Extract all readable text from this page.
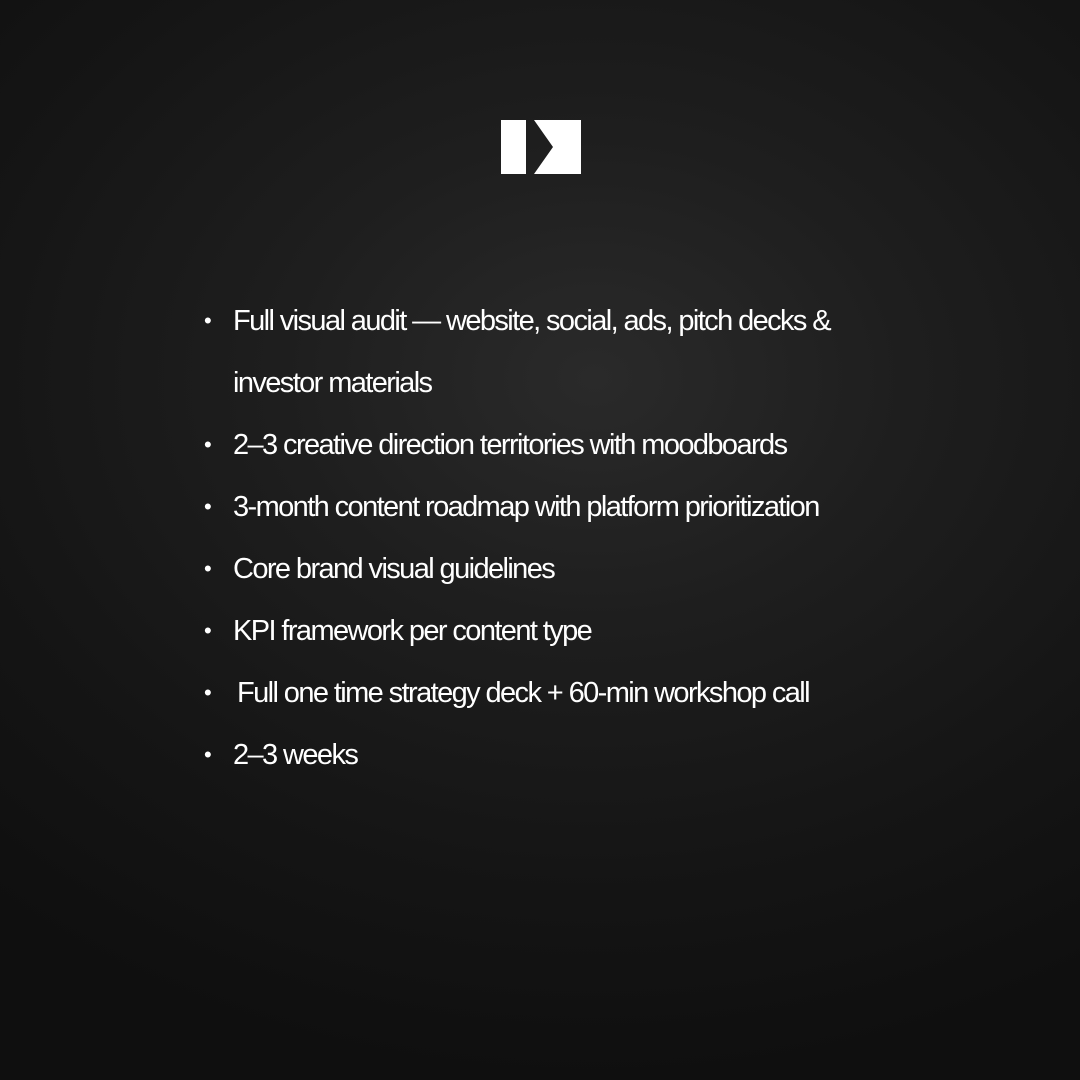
• Full visual audit — website, social, ads, pitch decks & investor materials
• 2–3 creative direction territories with moodboards
• 3-month content roadmap with platform prioritization
• Core brand visual guidelines
• KPI framework per content type
• Full one time strategy deck + 60-min workshop call
• 2–3 weeks
